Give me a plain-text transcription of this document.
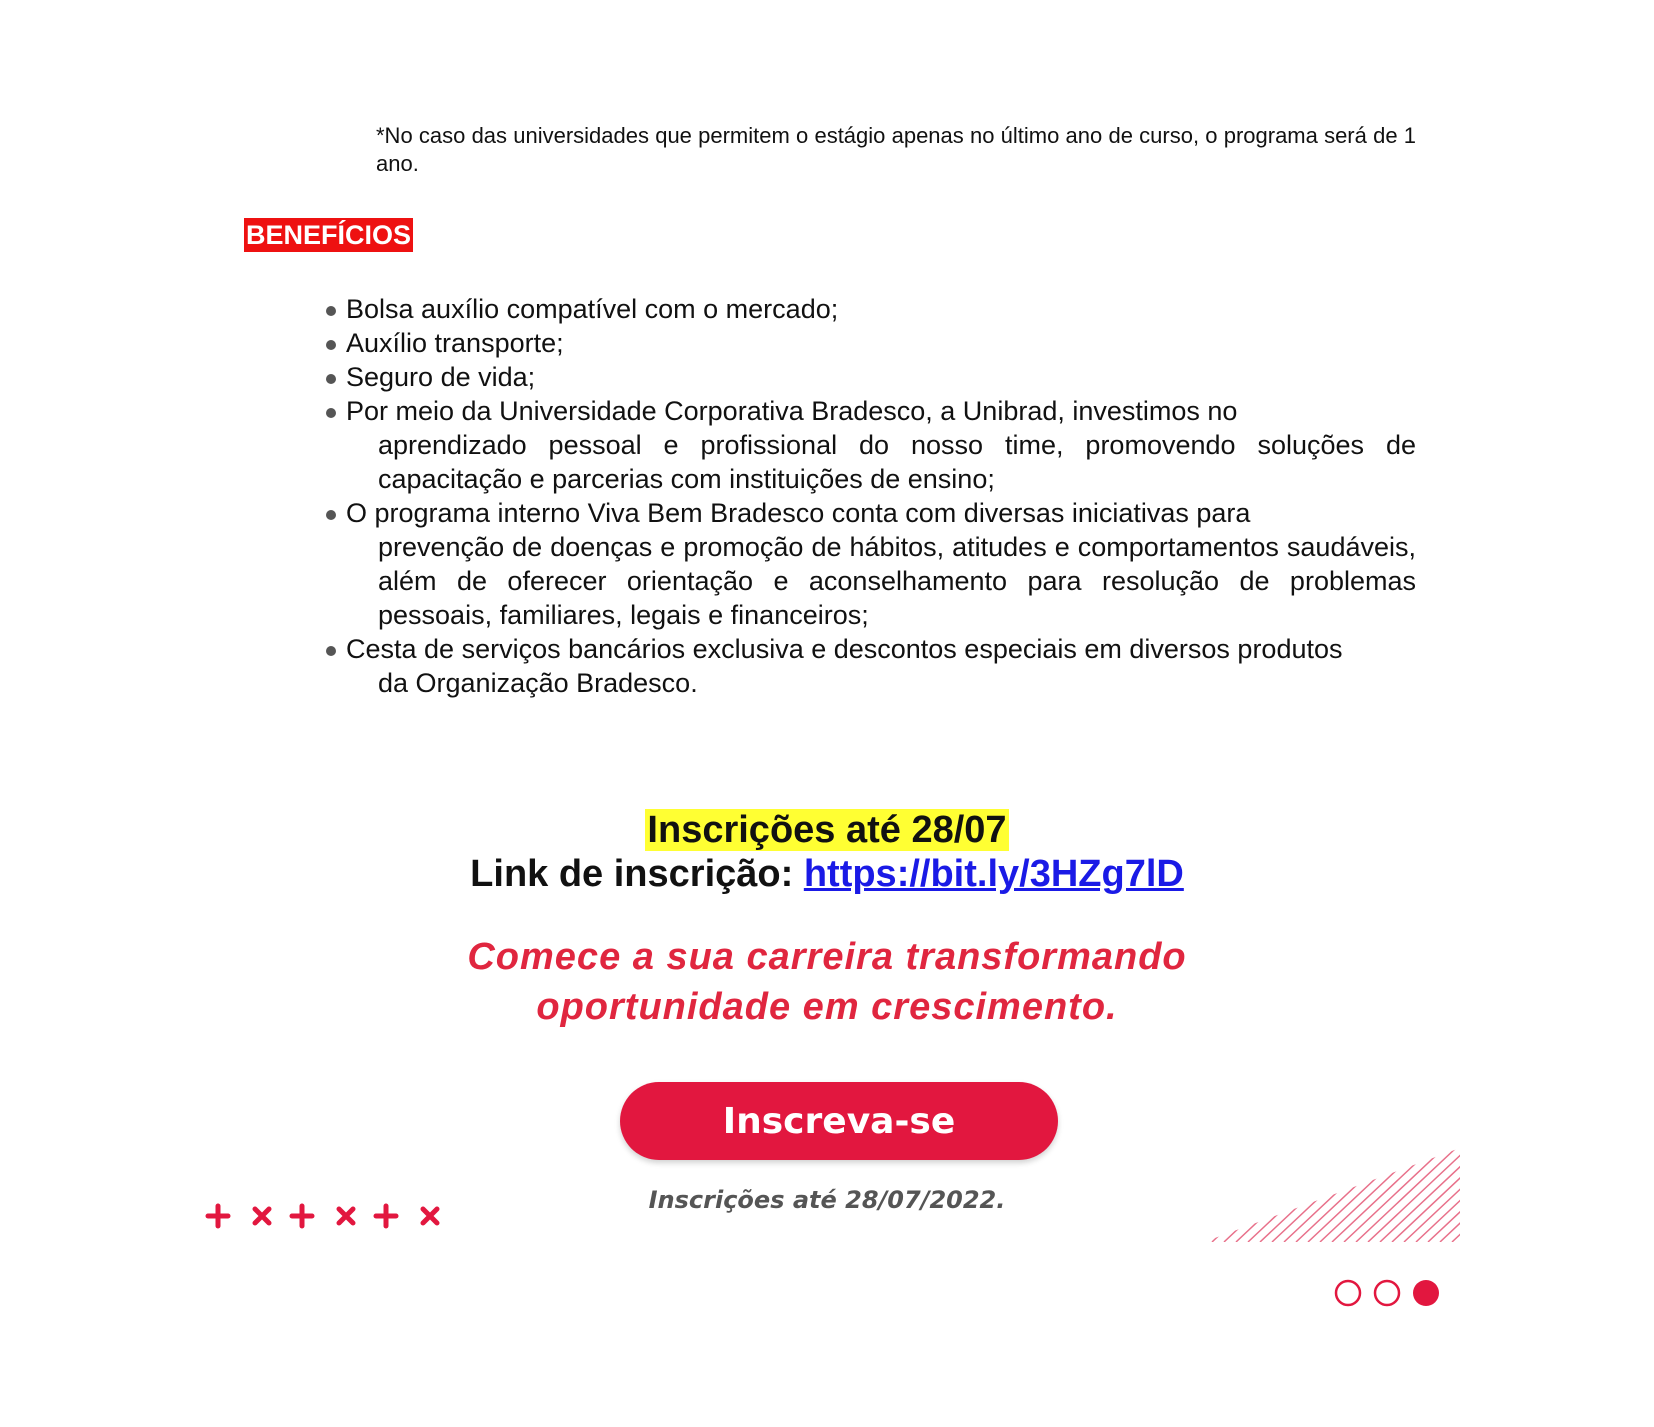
*No caso das universidades que permitem o estágio apenas no último ano de curso, o programa será de 1 ano.
BENEFÍCIOS
Bolsa auxílio compatível com o mercado;
Auxílio transporte;
Seguro de vida;
Por meio da Universidade Corporativa Bradesco, a Unibrad, investimos no
aprendizado pessoal e profissional do nosso time, promovendo soluções de capacitação e parcerias com instituições de ensino;
O programa interno Viva Bem Bradesco conta com diversas iniciativas para
prevenção de doenças e promoção de hábitos, atitudes e comportamentos saudáveis, além de oferecer orientação e aconselhamento para resolução de problemas pessoais, familiares, legais e financeiros;
Cesta de serviços bancários exclusiva e descontos especiais em diversos produtos
da Organização Bradesco.
Inscrições até 28/07
Link de inscrição: https://bit.ly/3HZg7lD
Comece a sua carreira transformando
oportunidade em crescimento.
Inscreva-se
Inscrições até 28/07/2022.
